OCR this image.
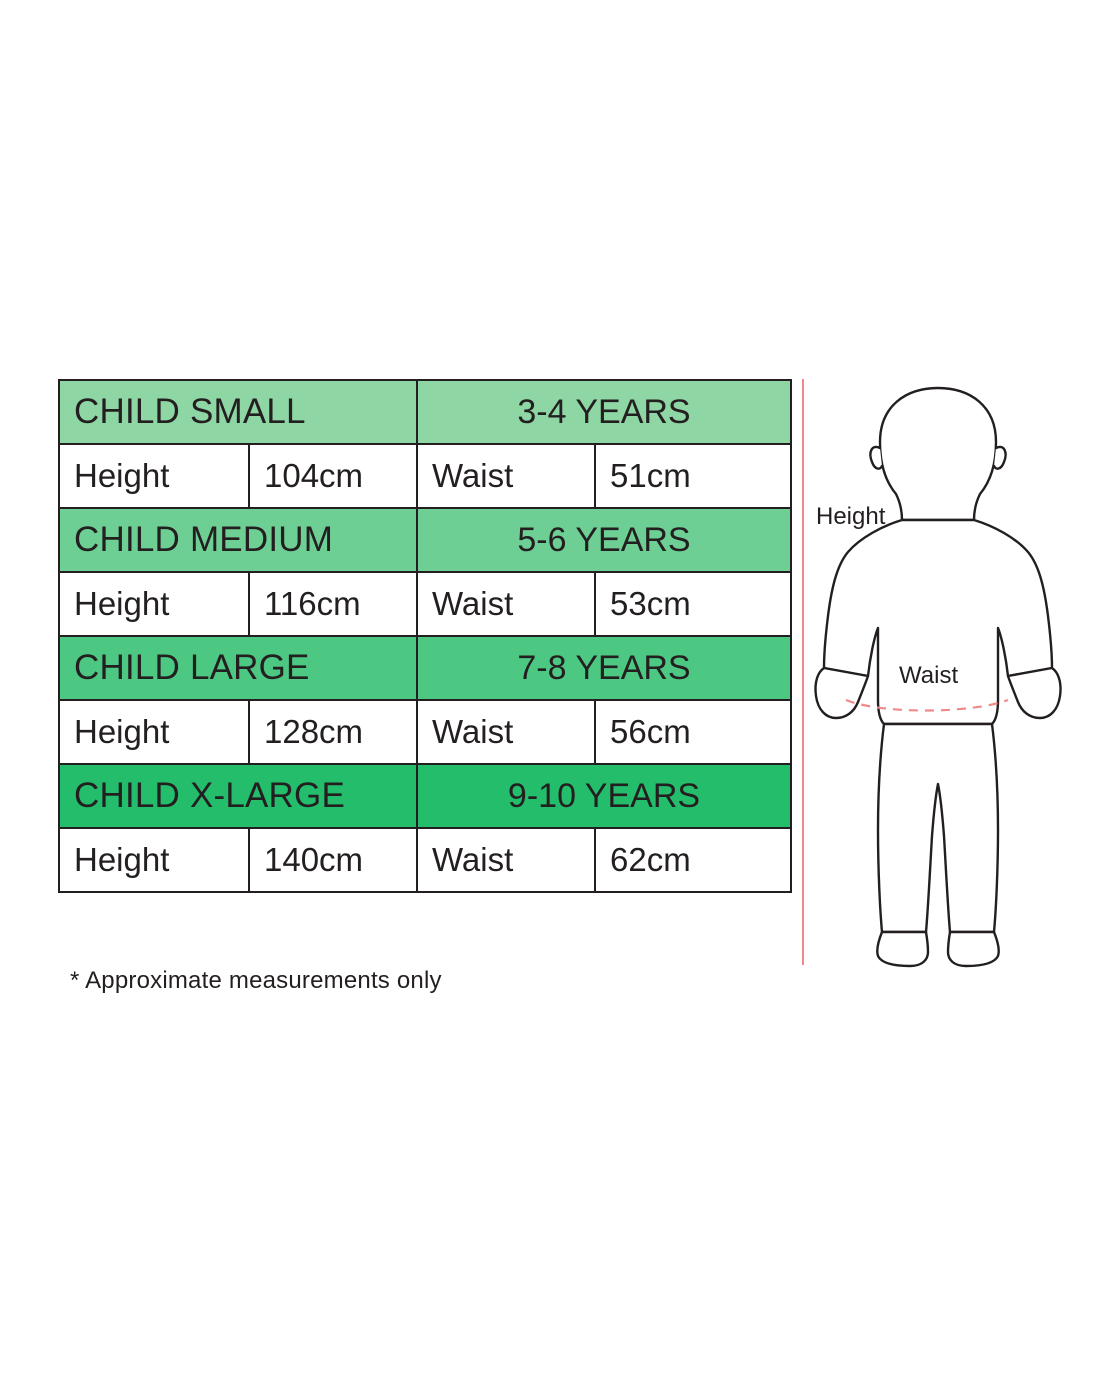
CHILD SMALL		3-4 YEARS	
Height	104cm	Waist	51cm
CHILD MEDIUM		5-6 YEARS	
Height	116cm	Waist	53cm
CHILD LARGE		7-8 YEARS	
Height	128cm	Waist	56cm
CHILD X-LARGE		9-10 YEARS	
Height	140cm	Waist	62cm
* Approximate measurements only
Height
Waist
